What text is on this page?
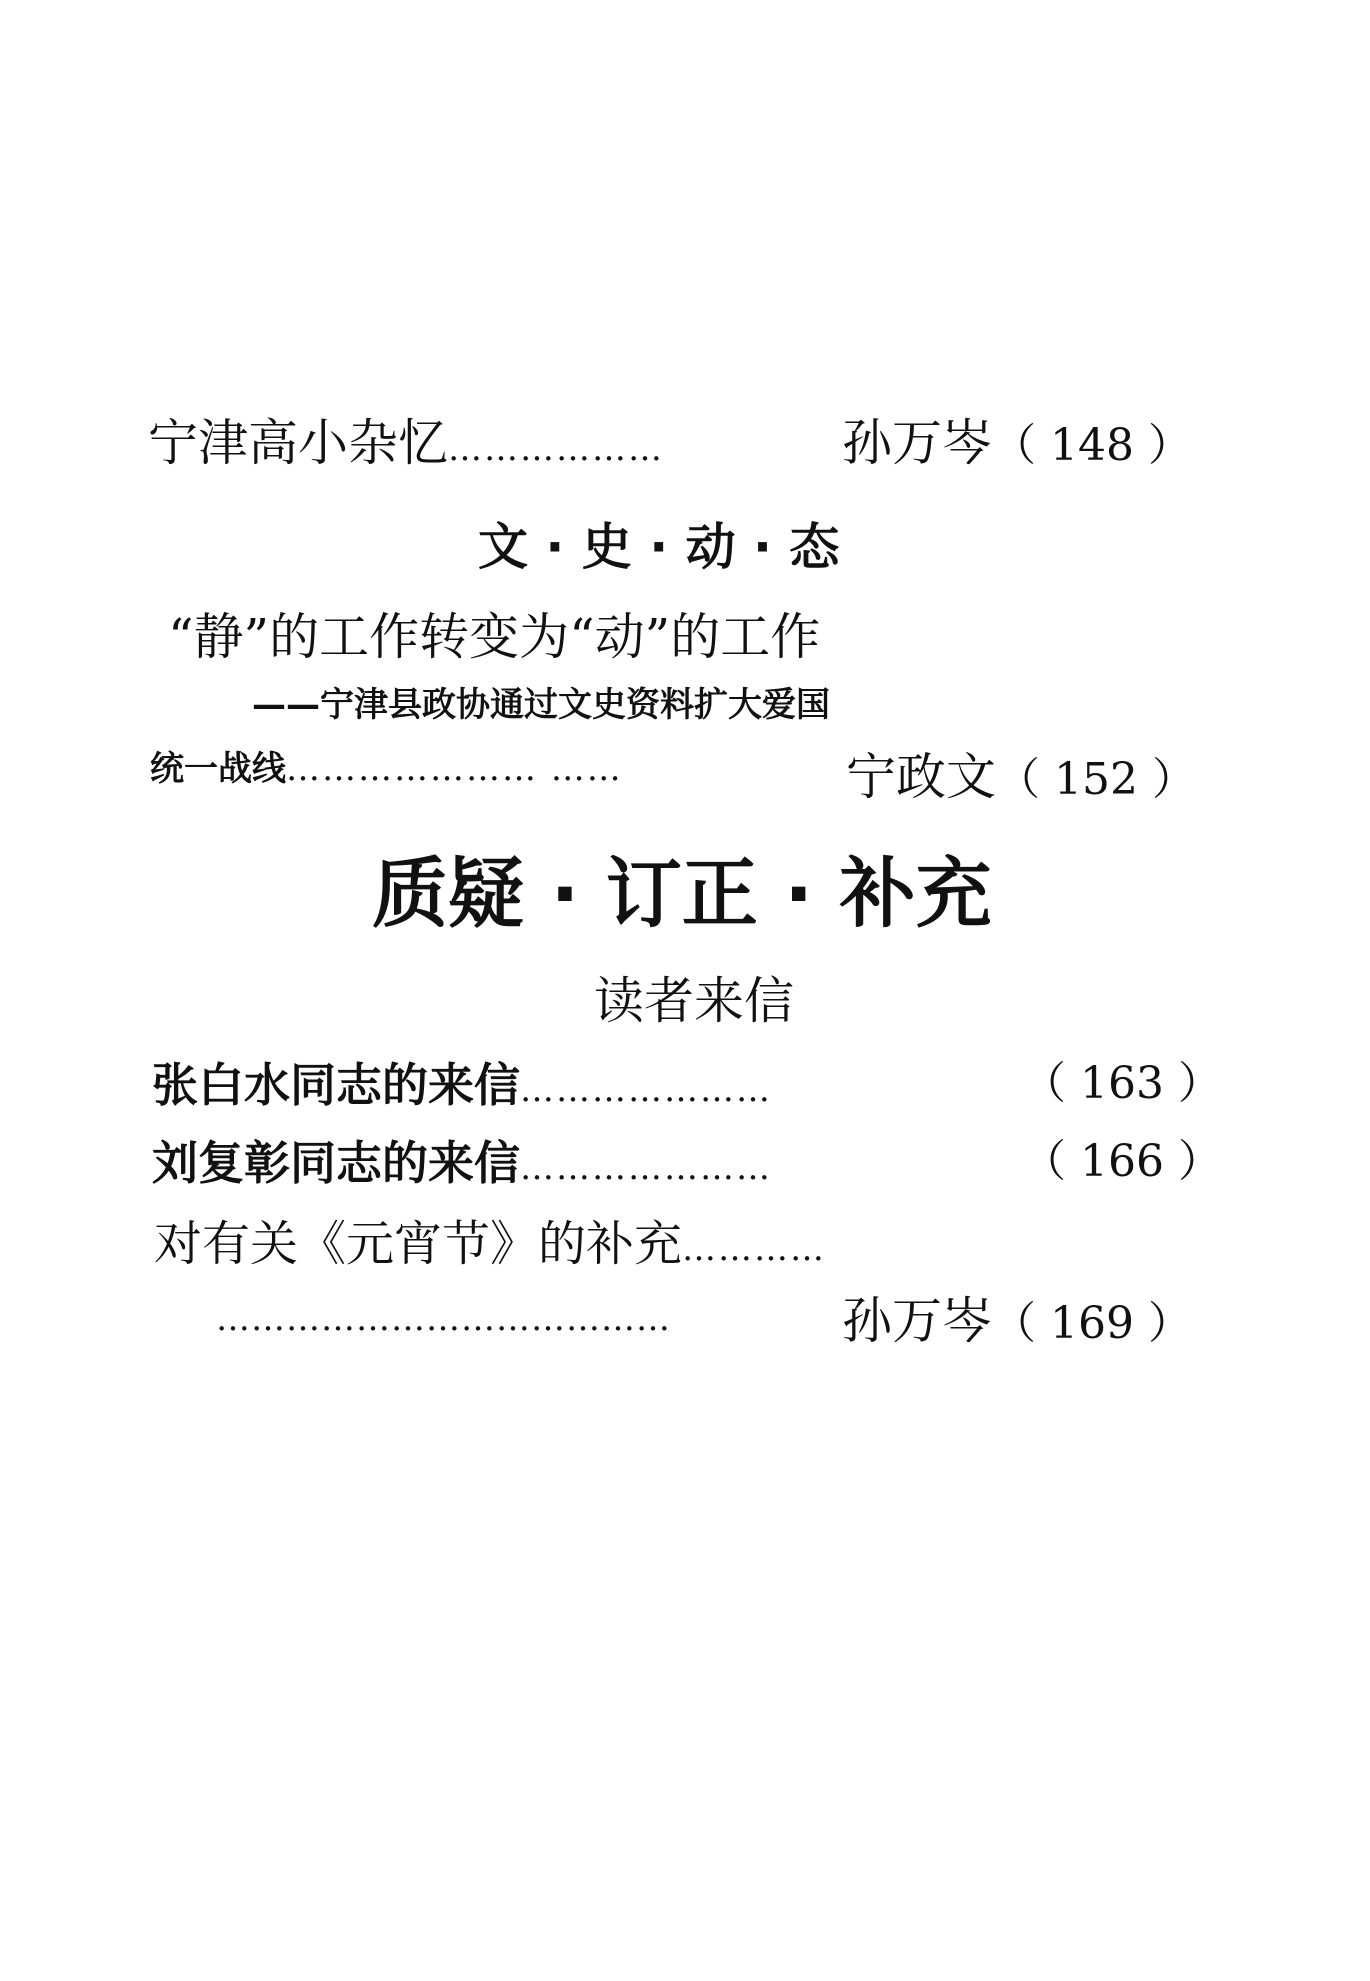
宁津高小杂忆………………	孙万岑（ 148 ）
文 · 史 · 动 · 态
“静”的工作转变为“动”的工作
——宁津县政协通过文史资料扩大爱国
统一战线………………… ……	宁政文（ 152 ）
质疑 · 订正 · 补充
读者来信
张白水同志的来信…………………	（ 163 ）
刘复彰同志的来信…………………	（ 166 ）
对有关《元宵节》的补充…………
…………………………………	孙万岑（ 169 ）
